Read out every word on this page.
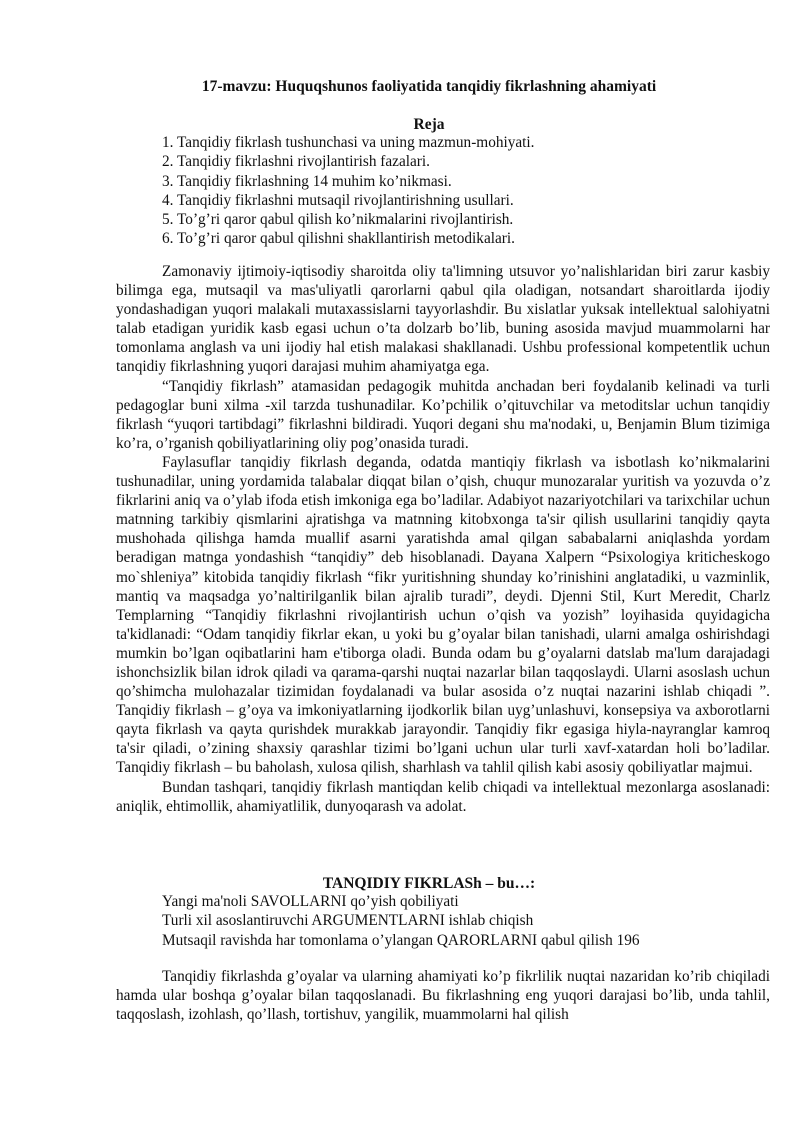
17-mavzu: Huquqshunos faoliyatida tanqidiy fikrlashning ahamiyati
Reja
1. Tanqidiy fikrlash tushunchasi va uning mazmun-mohiyati.
2. Tanqidiy fikrlashni rivojlantirish fazalari.
3. Tanqidiy fikrlashning 14 muhim ko’nikmasi.
4. Tanqidiy fikrlashni mutsaqil rivojlantirishning usullari.
5. To’g’ri qaror qabul qilish ko’nikmalarini rivojlantirish.
6. To’g’ri qaror qabul qilishni shakllantirish metodikalari.

Zamonaviy ijtimoiy-iqtisodiy sharoitda oliy ta'limning utsuvor yo’nalishlaridan biri zarur kasbiy bilimga ega, mutsaqil va mas'uliyatli qarorlarni qabul qila oladigan, notsandart sharoitlarda ijodiy yondashadigan yuqori malakali mutaxassislarni tayyorlashdir. Bu xislatlar yuksak intellektual salohiyatni talab etadigan yuridik kasb egasi uchun o’ta dolzarb bo’lib, buning asosida mavjud muammolarni har tomonlama anglash va uni ijodiy hal etish malakasi shakllanadi. Ushbu professional kompetentlik uchun tanqidiy fikrlashning yuqori darajasi muhim ahamiyatga ega.

“Tanqidiy fikrlash” atamasidan pedagogik muhitda anchadan beri foydalanib kelinadi va turli pedagoglar buni xilma -xil tarzda tushunadilar. Ko’pchilik o’qituvchilar va metoditslar uchun tanqidiy fikrlash “yuqori tartibdagi” fikrlashni bildiradi. Yuqori degani shu ma'nodaki, u, Benjamin Blum tizimiga ko’ra, o’rganish qobiliyatlarining oliy pog’onasida turadi.

Faylasuflar tanqidiy fikrlash deganda, odatda mantiqiy fikrlash va isbotlash ko’nikmalarini tushunadilar, uning yordamida talabalar diqqat bilan o’qish, chuqur munozaralar yuritish va yozuvda o’z fikrlarini aniq va o’ylab ifoda etish imkoniga ega bo’ladilar. Adabiyot nazariyotchilari va tarixchilar uchun matnning tarkibiy qismlarini ajratishga va matnning kitobxonga ta'sir qilish usullarini tanqidiy qayta mushohada qilishga hamda muallif asarni yaratishda amal qilgan sababalarni aniqlashda yordam beradigan matnga yondashish “tanqidiy” deb hisoblanadi. Dayana Xalpern “Psixologiya kriticheskogo mo`shleniya” kitobida tanqidiy fikrlash “fikr yuritishning shunday ko’rinishini anglatadiki, u vazminlik, mantiq va maqsadga yo’naltirilganlik bilan ajralib turadi”, deydi. Djenni Stil, Kurt Meredit, Charlz Templarning “Tanqidiy fikrlashni rivojlantirish uchun o’qish va yozish” loyihasida quyidagicha ta'kidlanadi: “Odam tanqidiy fikrlar ekan, u yoki bu g’oyalar bilan tanishadi, ularni amalga oshirishdagi mumkin bo’lgan oqibatlarini ham e'tiborga oladi. Bunda odam bu g’oyalarni datslab ma'lum darajadagi ishonchsizlik bilan idrok qiladi va qarama-qarshi nuqtai nazarlar bilan taqqoslaydi. Ularni asoslash uchun qo’shimcha mulohazalar tizimidan foydalanadi va bular asosida o’z nuqtai nazarini ishlab chiqadi ”. Tanqidiy fikrlash – g’oya va imkoniyatlarning ijodkorlik bilan uyg’unlashuvi, konsepsiya va axborotlarni qayta fikrlash va qayta qurishdek murakkab jarayondir. Tanqidiy fikr egasiga hiyla-nayranglar kamroq ta'sir qiladi, o’zining shaxsiy qarashlar tizimi bo’lgani uchun ular turli xavf-xatardan holi bo’ladilar. Tanqidiy fikrlash – bu baholash, xulosa qilish, sharhlash va tahlil qilish kabi asosiy qobiliyatlar majmui.

Bundan tashqari, tanqidiy fikrlash mantiqdan kelib chiqadi va intellektual mezonlarga asoslanadi: aniqlik, ehtimollik, ahamiyatlilik, dunyoqarash va adolat.

TANQIDIY FIKRLASh – bu…:
Yangi ma'noli SAVOLLARNI qo’yish qobiliyati
Turli xil asoslantiruvchi ARGUMENTLARNI ishlab chiqish
Mutsaqil ravishda har tomonlama o’ylangan QARORLARNI qabul qilish 196

Tanqidiy fikrlashda g’oyalar va ularning ahamiyati ko’p fikrlilik nuqtai nazaridan ko’rib chiqiladi hamda ular boshqa g’oyalar bilan taqqoslanadi. Bu fikrlashning eng yuqori darajasi bo’lib, unda tahlil, taqqoslash, izohlash, qo’llash, tortishuv, yangilik, muammolarni hal qilish
